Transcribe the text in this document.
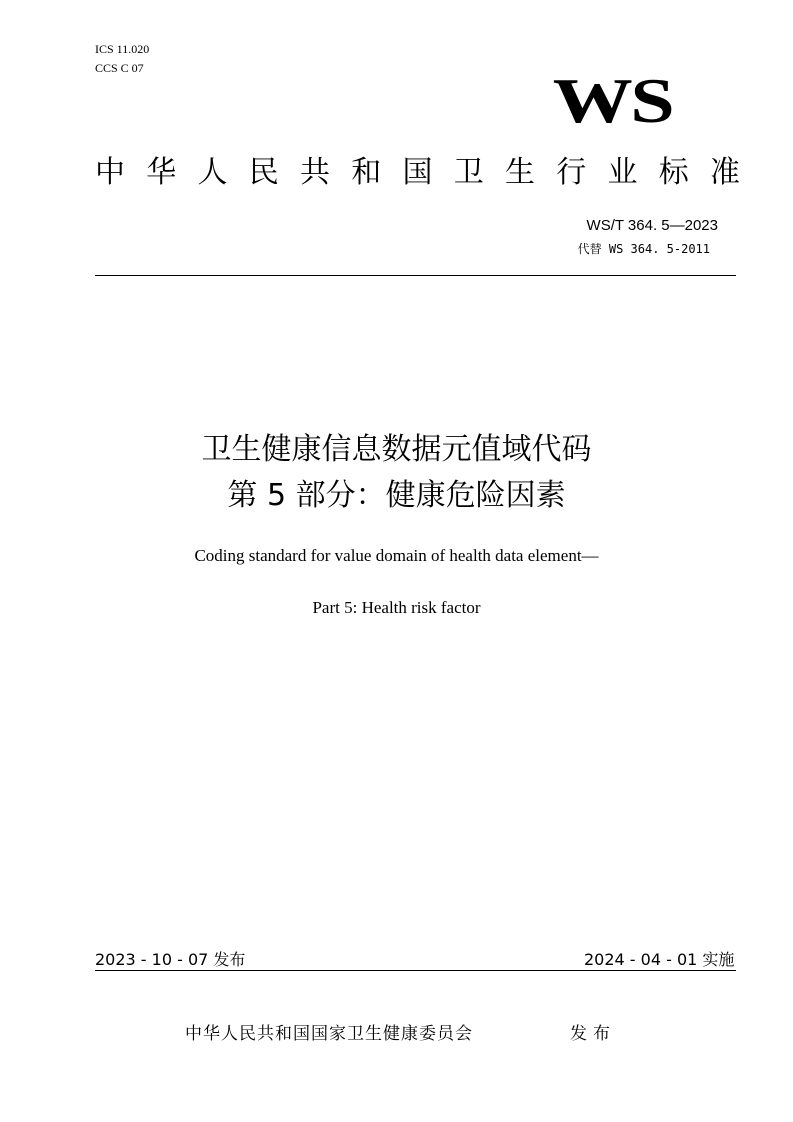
ICS 11.020
CCS C 07	WS
中 华 人 民 共 和 国 卫 生 行 业 标 准
WS/T 364. 5—2023
代替 WS 364. 5-2011
卫生健康信息数据元值域代码
第 5 部分：健康危险因素
Coding standard for value domain of health data element—
Part 5: Health risk factor
2023 - 10 - 07 发布	2024 - 04 - 01 实施
中华人民共和国国家卫生健康委员会	发布
